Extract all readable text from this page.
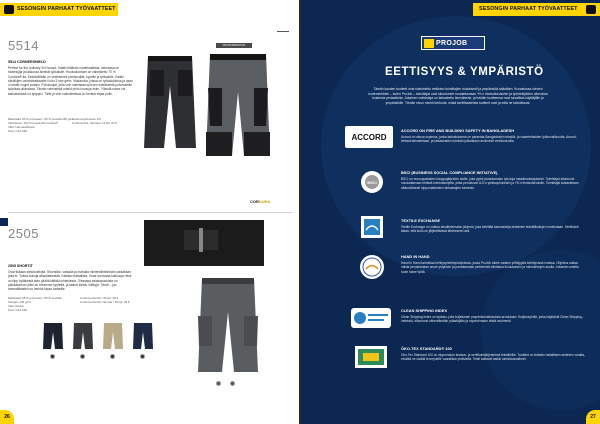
SESONGIN PARHAAT TYÖVAATTEET
5514
5514 CORNERSHIELD
Perfect for the ordinary 3/4 housut. Kaikki riittävän materiaaleista, helmassa on hiottelujija ja taskussa kiinteät työkalulle. Huoluskonkset on valmistettu 70 % Cordura®:lla. Kestävältään on vesihelmeli polvisuojille, kyyrille ja työkalulle. Kaikki sävikkijen vaurioitsettavalle Kolot 3 mm grein. Mukavuka, joissa on työkalukänsa ja vaan u heidät noppit pussiin. Polvisuojat, joita voin valmistaa työt sen sideäkkeitä polvesanliin työpikaa ulkinaissa. Tämän vahvistekä edellä piritu housuja esim. Yläosiä suora voi taskukalussa on työppiin. Tälle ja vein valmistettava on herkkä kirjaa polle.
Materiaali: 65 % polyesteri / 35 % puuvilla 260 g/m²
Vahvikkeet: 100 % polyamidi Cordura®
Värit: Harmaa/Musta
Koot: C44-C62
Cordura-työhousut 3/4
Cordura-liivit, harmaa / 12 kpl: 67 €
PROFORMATION
CORDURA
2505
2505 SHORTIT
Ovat tikkaan siirtokoteloita. Shortsiksi, vatsalla ja mahalta mielenkiihtekeskin paikallaan jotta ei. Tuloss liukuja alhaaltakestää. Kaikkia mataalista. Vuoa arvosana tukisuoja reiss on liipp kylläkestä alan päältä kiittää kohteidesta. Olessasa asiakasuutosta on paikkakelvon pikki on tuhannen kyytettä, ja taskut kähtä. Vätkyjä. Tämä – juu ammattilaisten on herkkä kirjaa tuotteille.
Materiaali: 65 % polyesteri / 35 % puuvilla
Kangas: 245 g/m²
Värit: Musta
Koot: C44-C62
Cordura-shortsit / 40 kpl: 29 €
Cordura-shortsit, harmaa / 15 kpl: 29 €
26
SESONGIN PARHAAT TYÖVAATTEET
PROJOB
EETTISYYS & YMPÄRISTÖ
Tämän kauden tuotteet ovat valmistettu eettisten toimittajien mukaisesti ja ympäristöä säästäen. Kuvastossa olevien tuotemerkkien – kuten ProJob – toimittajat ovat sitoutuneet noudattamaan YK:n ihmisoikeuksien ja työntekijöiden oikeuksia koskevia periaatteita. Jokainen valmistaja on tarkastettu itsenäisesti, ja heidän tuotteensa ovat turvallisia käyttäjälle ja ympäristölle. Tämän sivun merkit kertovat, mistä sertifikaateista tuotteet ovat ja mitä ne tarkoittavat.
ACCORD
ACCORD ON FIRE AND BUILDING SAFETY IN BANGLADESH
Accord on sitova sopimus, jonka tarkoituksena on parantaa Bangladeshin tekstiili- ja vaatetehtaiden työturvallisuutta. Accord-tehtaat tarkastetaan, ja tarkastusten tulokset julkaistaan avoimesti verkkosivuilla.
BSCI
BSCI (BUSINESS SOCIAL COMPLIANCE INITIATIVE)
BSCI on eurooppalaisen kauppajärjestön aloite, joka pyrkii parantamaan työoloja maailmanlaajuisesti. Toimittajat sitoutuvat noudattamaan eettisiä toimintaohjeita, jotka perustuvat ILO:n yleissopimuksiin ja YK:n ihmisoikeuksiin. Toimittajat tarkastetaan säännöllisesti riippumattomien tarkastajien toimesta.
TEXTILE EXCHANGE
Textile Exchange on voittoa tavoittelematon järjestö, joka kehittää standardeja kestävien tekstiilikuitujen hankintaan. Sertifiointi takaa, että kuitu on jäljitettävissä lähteeseen asti.
HAND IN HAND
Hand in Hand tarkoittaa kehitysyhteistyöohjelmaa, jossa ProJob tukee naisten yrittäjyyttä kehittyvissä maissa. Ohjelma auttaa naisia perustamaan oman yrityksen ja parantamaan perheensä elintasoa koulutuksen ja mikrolainojen avulla. Jokainen ostettu tuote tukee työtä.
CLEAN SHIPPING INDEX
Clean Shipping Index on työkalu, jolla kuljetusten ympäristövaikutuksia arvioidaan. Kuljetusyhtiöt, jotka käyttävät Clean Shipping -indeksiä, sitoutuvat vähentämään päästöjään ja raportoimaan niistä avoimesti.
ÖKO-TEX STANDARD® 100
Öko-Tex Standard 100 on riippumaton testaus- ja sertifiointijärjestelmä tekstiileille. Tuotteet on testattu haitallisten aineiden varalta, eivätkä ne sisällä terveydelle vaarallisia yhdisteitä. Testit kattavat kaikki valmistusvaiheet.
27
